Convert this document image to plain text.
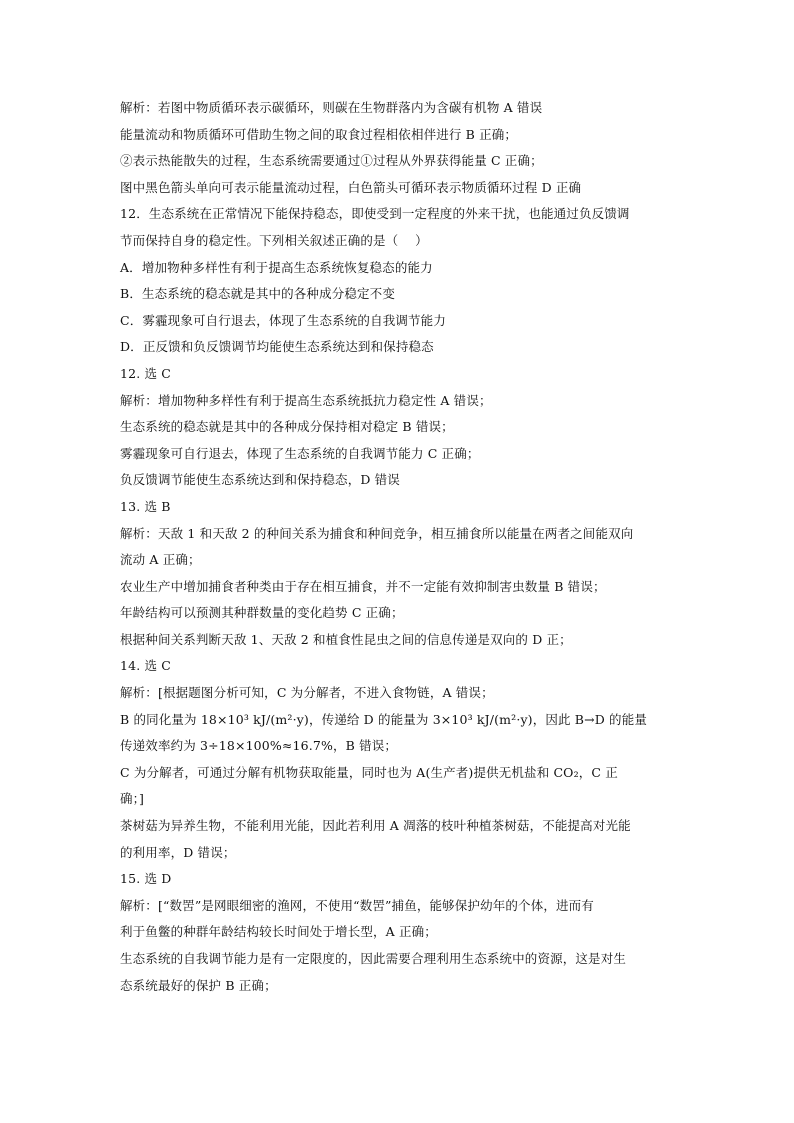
解析：若图中物质循环表示碳循环，则碳在生物群落内为含碳有机物 A 错误
能量流动和物质循环可借助生物之间的取食过程相依相伴进行 B 正确；
②表示热能散失的过程，生态系统需要通过①过程从外界获得能量 C 正确；
图中黑色箭头单向可表示能量流动过程，白色箭头可循环表示物质循环过程 D 正确
12．生态系统在正常情况下能保持稳态，即使受到一定程度的外来干扰，也能通过负反馈调
节而保持自身的稳定性。下列相关叙述正确的是（　 ）
A．增加物种多样性有利于提高生态系统恢复稳态的能力
B．生态系统的稳态就是其中的各种成分稳定不变
C．雾霾现象可自行退去，体现了生态系统的自我调节能力
D．正反馈和负反馈调节均能使生态系统达到和保持稳态
12. 选 C
解析：增加物种多样性有利于提高生态系统抵抗力稳定性 A 错误；
生态系统的稳态就是其中的各种成分保持相对稳定 B 错误；
雾霾现象可自行退去，体现了生态系统的自我调节能力 C 正确；
负反馈调节能使生态系统达到和保持稳态，D 错误
13. 选 B
解析：天敌 1 和天敌 2 的种间关系为捕食和种间竞争，相互捕食所以能量在两者之间能双向
流动 A 正确；
农业生产中增加捕食者种类由于存在相互捕食，并不一定能有效抑制害虫数量 B 错误；
年龄结构可以预测其种群数量的变化趋势 C 正确；
根据种间关系判断天敌 1、天敌 2 和植食性昆虫之间的信息传递是双向的 D 正；
14. 选 C
解析：[根据题图分析可知，C 为分解者，不进入食物链，A 错误；
B 的同化量为 18×10³ kJ/(m²·y)，传递给 D 的能量为 3×10³ kJ/(m²·y)，因此 B→D 的能量
传递效率约为 3÷18×100%≈16.7%，B 错误；
C 为分解者，可通过分解有机物获取能量，同时也为 A(生产者)提供无机盐和 CO₂，C 正
确；]
茶树菇为异养生物，不能利用光能，因此若利用 A 凋落的枝叶种植茶树菇，不能提高对光能
的利用率，D 错误；
15. 选 D
解析：[“数罟”是网眼细密的渔网，不使用“数罟”捕鱼，能够保护幼年的个体，进而有
利于鱼鳖的种群年龄结构较长时间处于增长型，A 正确；
生态系统的自我调节能力是有一定限度的，因此需要合理利用生态系统中的资源，这是对生
态系统最好的保护 B 正确；
